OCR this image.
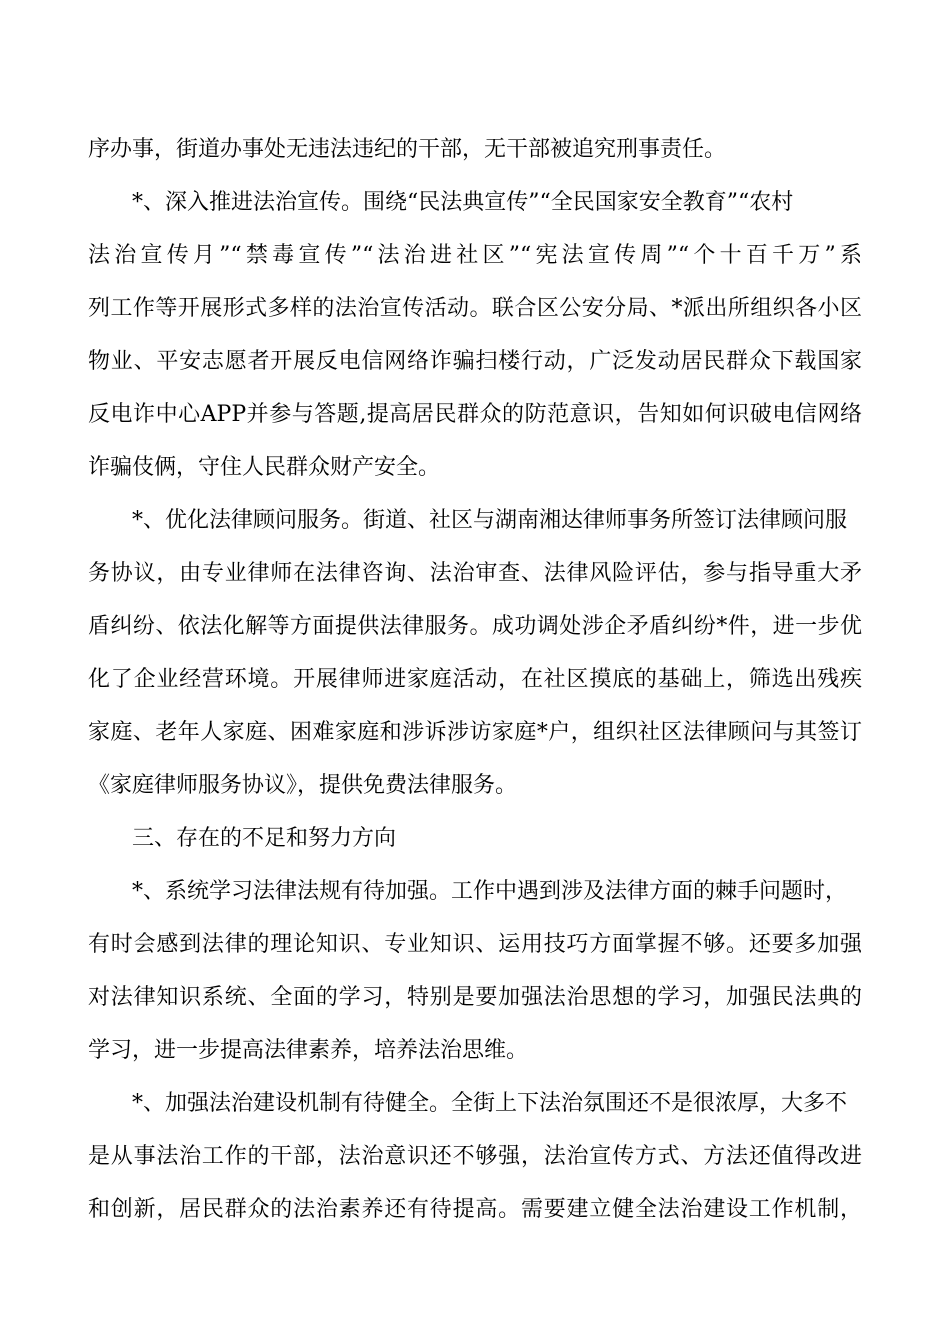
序办事，街道办事处无违法违纪的干部，无干部被追究刑事责任。
*、深入推进法治宣传。围绕“民法典宣传”“全民国家安全教育”“农村
法治宣传月”“禁毒宣传”“法治进社区”“宪法宣传周”“个十百千万”系
列工作等开展形式多样的法治宣传活动。联合区公安分局、*派出所组织各小区
物业、平安志愿者开展反电信网络诈骗扫楼行动，广泛发动居民群众下载国家
反电诈中心APP并参与答题,提高居民群众的防范意识，告知如何识破电信网络
诈骗伎俩，守住人民群众财产安全。
*、优化法律顾问服务。街道、社区与湖南湘达律师事务所签订法律顾问服
务协议，由专业律师在法律咨询、法治审查、法律风险评估，参与指导重大矛
盾纠纷、依法化解等方面提供法律服务。成功调处涉企矛盾纠纷*件，进一步优
化了企业经营环境。开展律师进家庭活动，在社区摸底的基础上，筛选出残疾
家庭、老年人家庭、困难家庭和涉诉涉访家庭*户，组织社区法律顾问与其签订
《家庭律师服务协议》，提供免费法律服务。
三、存在的不足和努力方向
*、系统学习法律法规有待加强。工作中遇到涉及法律方面的棘手问题时，
有时会感到法律的理论知识、专业知识、运用技巧方面掌握不够。还要多加强
对法律知识系统、全面的学习，特别是要加强法治思想的学习，加强民法典的
学习，进一步提高法律素养，培养法治思维。
*、加强法治建设机制有待健全。全街上下法治氛围还不是很浓厚，大多不
是从事法治工作的干部，法治意识还不够强，法治宣传方式、方法还值得改进
和创新，居民群众的法治素养还有待提高。需要建立健全法治建设工作机制，
